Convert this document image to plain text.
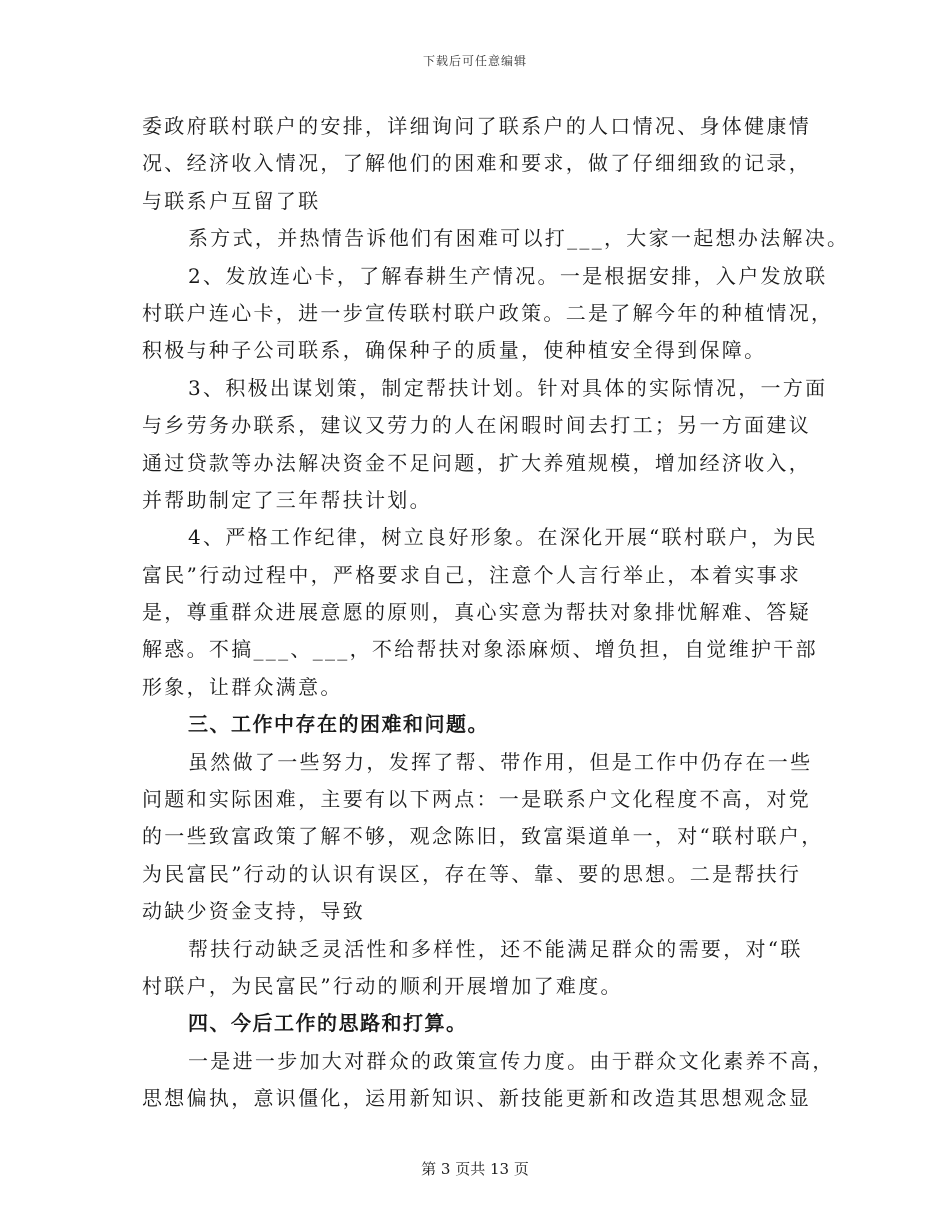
下载后可任意编辑
委政府联村联户的安排，详细询问了联系户的人口情况、身体健康情
况、经济收入情况，了解他们的困难和要求，做了仔细细致的记录，
与联系户互留了联
系方式，并热情告诉他们有困难可以打___，大家一起想办法解决。
2、发放连心卡，了解春耕生产情况。一是根据安排，入户发放联
村联户连心卡，进一步宣传联村联户政策。二是了解今年的种植情况，
积极与种子公司联系，确保种子的质量，使种植安全得到保障。
3、积极出谋划策，制定帮扶计划。针对具体的实际情况，一方面
与乡劳务办联系，建议又劳力的人在闲暇时间去打工；另一方面建议
通过贷款等办法解决资金不足问题，扩大养殖规模，增加经济收入，
并帮助制定了三年帮扶计划。
4、严格工作纪律，树立良好形象。在深化开展“联村联户，为民
富民”行动过程中，严格要求自己，注意个人言行举止，本着实事求
是，尊重群众进展意愿的原则，真心实意为帮扶对象排忧解难、答疑
解惑。不搞___、___，不给帮扶对象添麻烦、增负担，自觉维护干部
形象，让群众满意。
三、工作中存在的困难和问题。
虽然做了一些努力，发挥了帮、带作用，但是工作中仍存在一些
问题和实际困难，主要有以下两点：一是联系户文化程度不高，对党
的一些致富政策了解不够，观念陈旧，致富渠道单一，对“联村联户，
为民富民”行动的认识有误区，存在等、靠、要的思想。二是帮扶行
动缺少资金支持，导致
帮扶行动缺乏灵活性和多样性，还不能满足群众的需要，对“联
村联户，为民富民”行动的顺利开展增加了难度。
四、今后工作的思路和打算。
一是进一步加大对群众的政策宣传力度。由于群众文化素养不高，
思想偏执，意识僵化，运用新知识、新技能更新和改造其思想观念显
第 3 页共 13 页
